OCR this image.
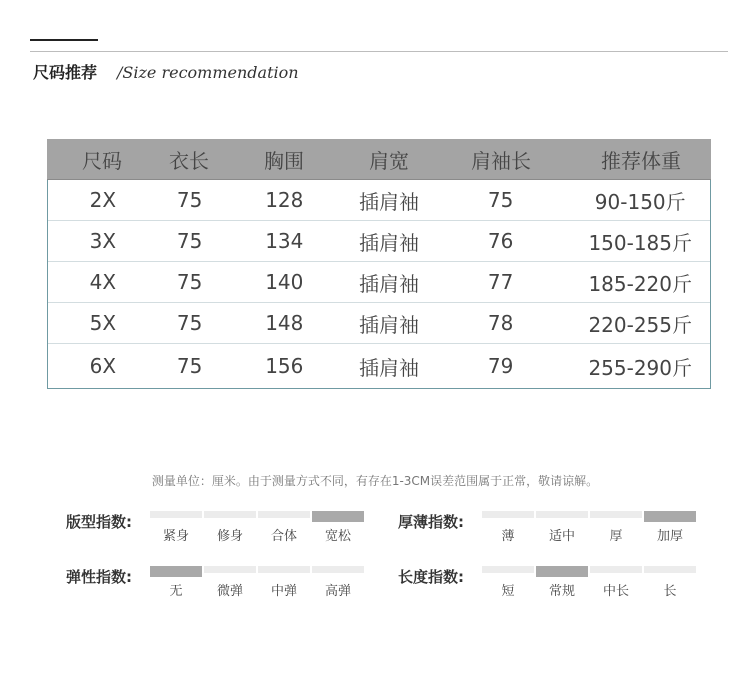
尺码推荐 /Size recommendation
尺码	衣长	胸围	肩宽	肩袖长	推荐体重
2X	75	128	插肩袖	75	90-150斤
3X	75	134	插肩袖	76	150-185斤
4X	75	140	插肩袖	77	185-220斤
5X	75	148	插肩袖	78	220-255斤
6X	75	156	插肩袖	79	255-290斤
测量单位：厘米。由于测量方式不同，有存在1-3CM误差范围属于正常，敬请谅解。
版型指数:
紧身	修身	合体	宽松
厚薄指数:
薄	适中	厚	加厚
弹性指数:
无	微弹	中弹	高弹
长度指数:
短	常规	中长	长
